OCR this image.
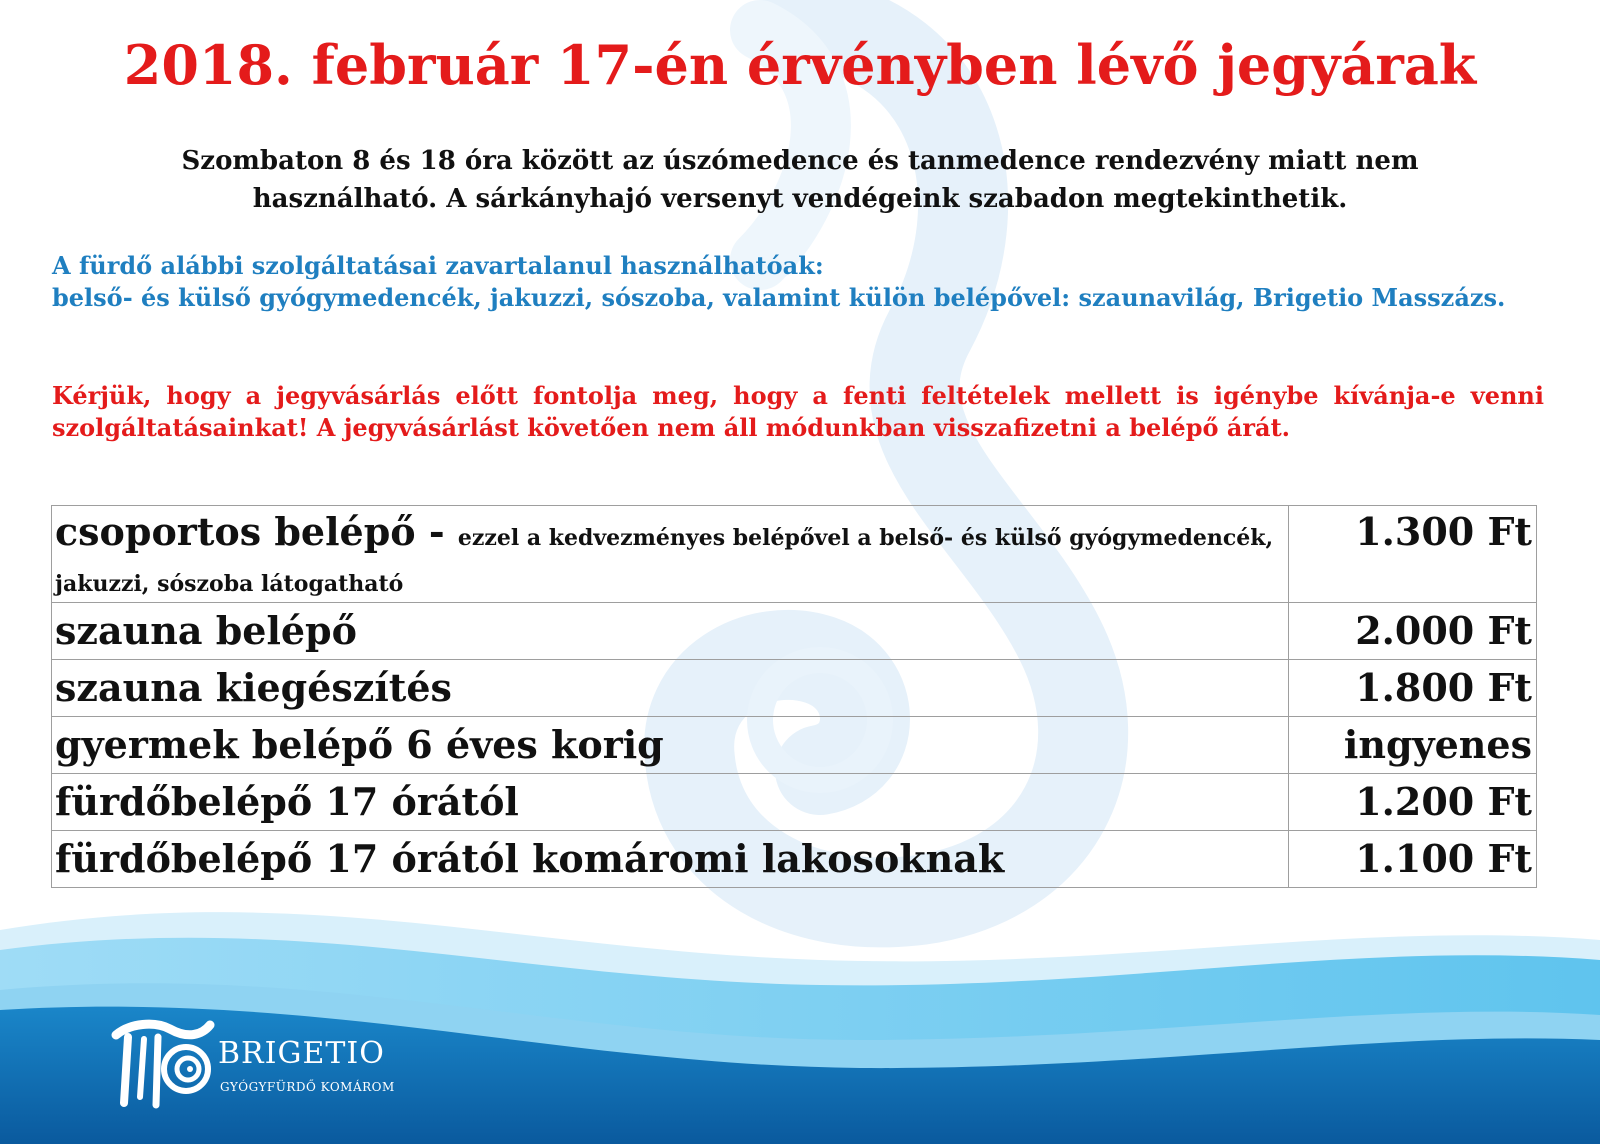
2018. február 17-én érvényben lévő jegyárak
Szombaton 8 és 18 óra között az úszómedence és tanmedence rendezvény miatt nem
használható. A sárkányhajó versenyt vendégeink szabadon megtekinthetik.

A fürdő alábbi szolgáltatásai zavartalanul használhatóak:

belső- és külső gyógymedencék, jakuzzi, sószoba, valamint külön belépővel: szaunavilág, Brigetio Masszázs.

Kérjük, hogy a jegyvásárlás előtt fontolja meg, hogy a fenti feltételek mellett is igénybe kívánja-e venni szolgáltatásainkat! A jegyvásárlást követően nem áll módunkban visszafizetni a belépő árát.

csoportos belépő - ezzel a kedvezményes belépővel a belső- és külső gyógymedencék, jakuzzi, sószoba látogatható	1.300 Ft
szauna belépő	2.000 Ft
szauna kiegészítés	1.800 Ft
gyermek belépő 6 éves korig	ingyenes
fürdőbelépő 17 órától	1.200 Ft
fürdőbelépő 17 órától komáromi lakosoknak	1.100 Ft
BRIGETIO
GYÓGYFÜRDŐ KOMÁROM
